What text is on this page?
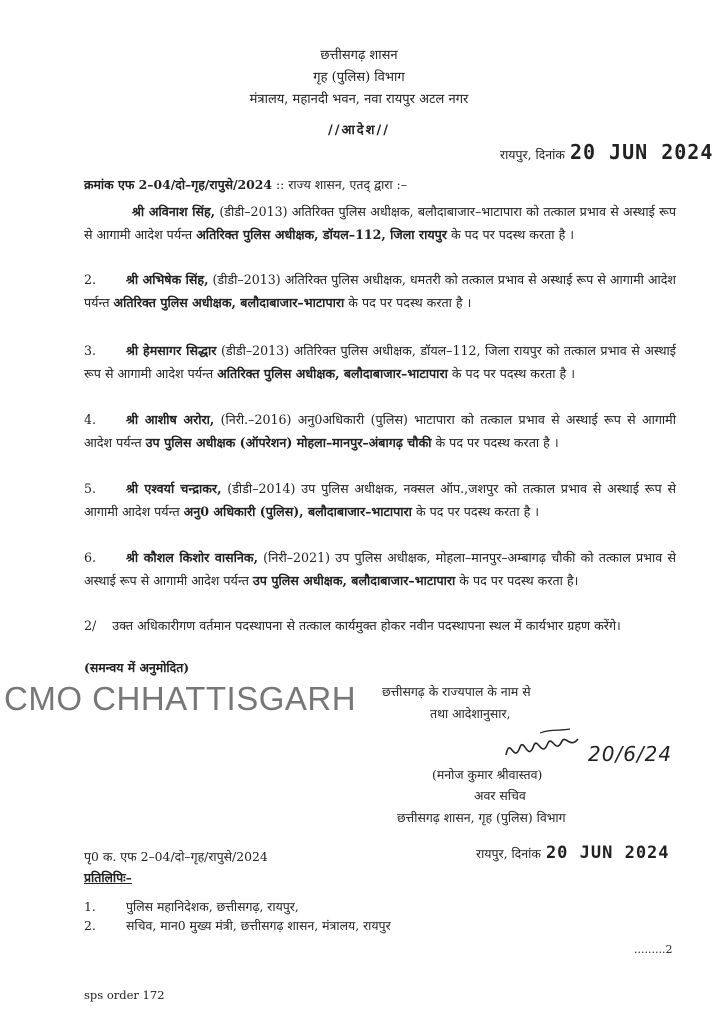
छत्तीसगढ़ शासन
गृह (पुलिस) विभाग
मंत्रालय, महानदी भवन, नवा रायपुर अटल नगर
//आदेश//
रायपुर, दिनांक 20 JUN 2024
क्रमांक एफ 2–04/दो–गृह/रापुसे/2024 :: राज्य शासन, एतद् द्वारा :–
श्री अविनाश सिंह, (डीडी–2013) अतिरिक्त पुलिस अधीक्षक, बलौदाबाजार–भाटापारा को तत्काल प्रभाव से अस्थाई रूप से आगामी आदेश पर्यन्त अतिरिक्त पुलिस अधीक्षक, डॉयल–112, जिला रायपुर के पद पर पदस्थ करता है ।
2. श्री अभिषेक सिंह, (डीडी–2013) अतिरिक्त पुलिस अधीक्षक, धमतरी को तत्काल प्रभाव से अस्थाई रूप से आगामी आदेश पर्यन्त अतिरिक्त पुलिस अधीक्षक, बलौदाबाजार–भाटापारा के पद पर पदस्थ करता है ।
3. श्री हेमसागर सिद्धार (डीडी–2013) अतिरिक्त पुलिस अधीक्षक, डॉयल–112, जिला रायपुर को तत्काल प्रभाव से अस्थाई रूप से आगामी आदेश पर्यन्त अतिरिक्त पुलिस अधीक्षक, बलौदाबाजार–भाटापारा के पद पर पदस्थ करता है ।
4. श्री आशीष अरोरा, (निरी.–2016) अनु0अधिकारी (पुलिस) भाटापारा को तत्काल प्रभाव से अस्थाई रूप से आगामी आदेश पर्यन्त उप पुलिस अधीक्षक (ऑपरेशन) मोहला–मानपुर–अंबागढ़ चौकी के पद पर पदस्थ करता है ।
5. श्री एश्वर्या चन्द्राकर, (डीडी–2014) उप पुलिस अधीक्षक, नक्सल ऑप.,जशपुर को तत्काल प्रभाव से अस्थाई रूप से आगामी आदेश पर्यन्त अनु0 अधिकारी (पुलिस), बलौदाबाजार–भाटापारा के पद पर पदस्थ करता है ।
6. श्री कौशल किशोर वासनिक, (निरी–2021) उप पुलिस अधीक्षक, मोहला–मानपुर–अम्बागढ़ चौकी को तत्काल प्रभाव से अस्थाई रूप से आगामी आदेश पर्यन्त उप पुलिस अधीक्षक, बलौदाबाजार–भाटापारा के पद पर पदस्थ करता है।
2/    उक्त अधिकारीगण वर्तमान पदस्थापना से तत्काल कार्यमुक्त होकर नवीन पदस्थापना स्थल में कार्यभार ग्रहण करेंगे।
(समन्वय में अनुमोदित)
CMO CHHATTISGARH छत्तीसगढ़ के राज्यपाल के नाम से
तथा आदेशानुसार,
20/6/24
(मनोज कुमार श्रीवास्तव)
अवर सचिव
छत्तीसगढ़ शासन, गृह (पुलिस) विभाग
पृ0 क. एफ 2–04/दो–गृह/रापुसे/2024	रायपुर, दिनांक 20 JUN 2024
प्रतिलिपिः–
1. पुलिस महानिदेशक, छत्तीसगढ़, रायपुर,
2. सचिव, मान0 मुख्य मंत्री, छत्तीसगढ़ शासन, मंत्रालय, रायपुर
.........2
sps order 172
